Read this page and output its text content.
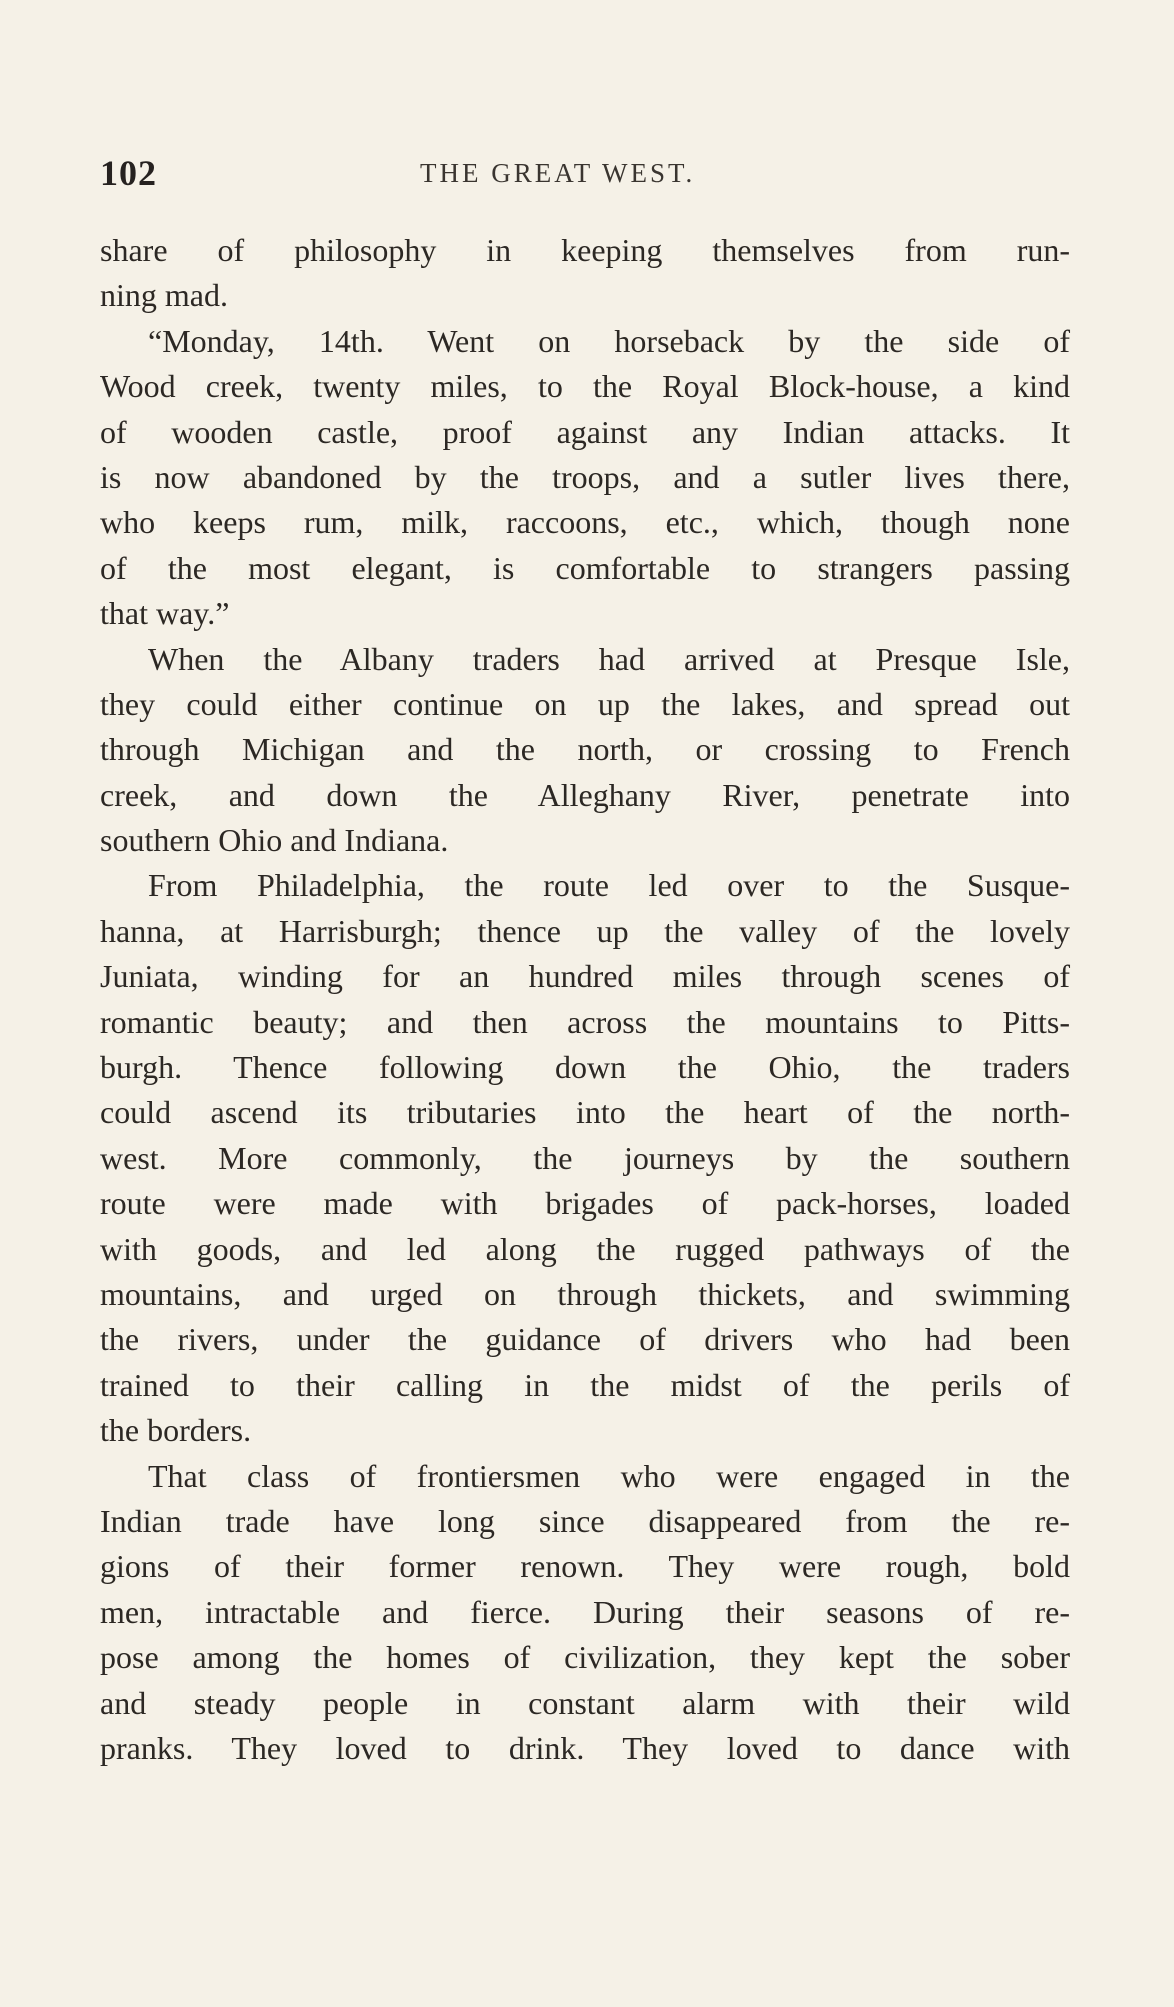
102	THE GREAT WEST.
share of philosophy in keeping themselves from run-
ning mad.
“Monday, 14th. Went on horseback by the side of
Wood creek, twenty miles, to the Royal Block-house, a kind
of wooden castle, proof against any Indian attacks. It
is now abandoned by the troops, and a sutler lives there,
who keeps rum, milk, raccoons, etc., which, though none
of the most elegant, is comfortable to strangers passing
that way.”
When the Albany traders had arrived at Presque Isle,
they could either continue on up the lakes, and spread out
through Michigan and the north, or crossing to French
creek, and down the Alleghany River, penetrate into
southern Ohio and Indiana.
From Philadelphia, the route led over to the Susque-
hanna, at Harrisburgh; thence up the valley of the lovely
Juniata, winding for an hundred miles through scenes of
romantic beauty; and then across the mountains to Pitts-
burgh. Thence following down the Ohio, the traders
could ascend its tributaries into the heart of the north-
west. More commonly, the journeys by the southern
route were made with brigades of pack-horses, loaded
with goods, and led along the rugged pathways of the
mountains, and urged on through thickets, and swimming
the rivers, under the guidance of drivers who had been
trained to their calling in the midst of the perils of
the borders.
That class of frontiersmen who were engaged in the
Indian trade have long since disappeared from the re-
gions of their former renown. They were rough, bold
men, intractable and fierce. During their seasons of re-
pose among the homes of civilization, they kept the sober
and steady people in constant alarm with their wild
pranks. They loved to drink. They loved to dance with
